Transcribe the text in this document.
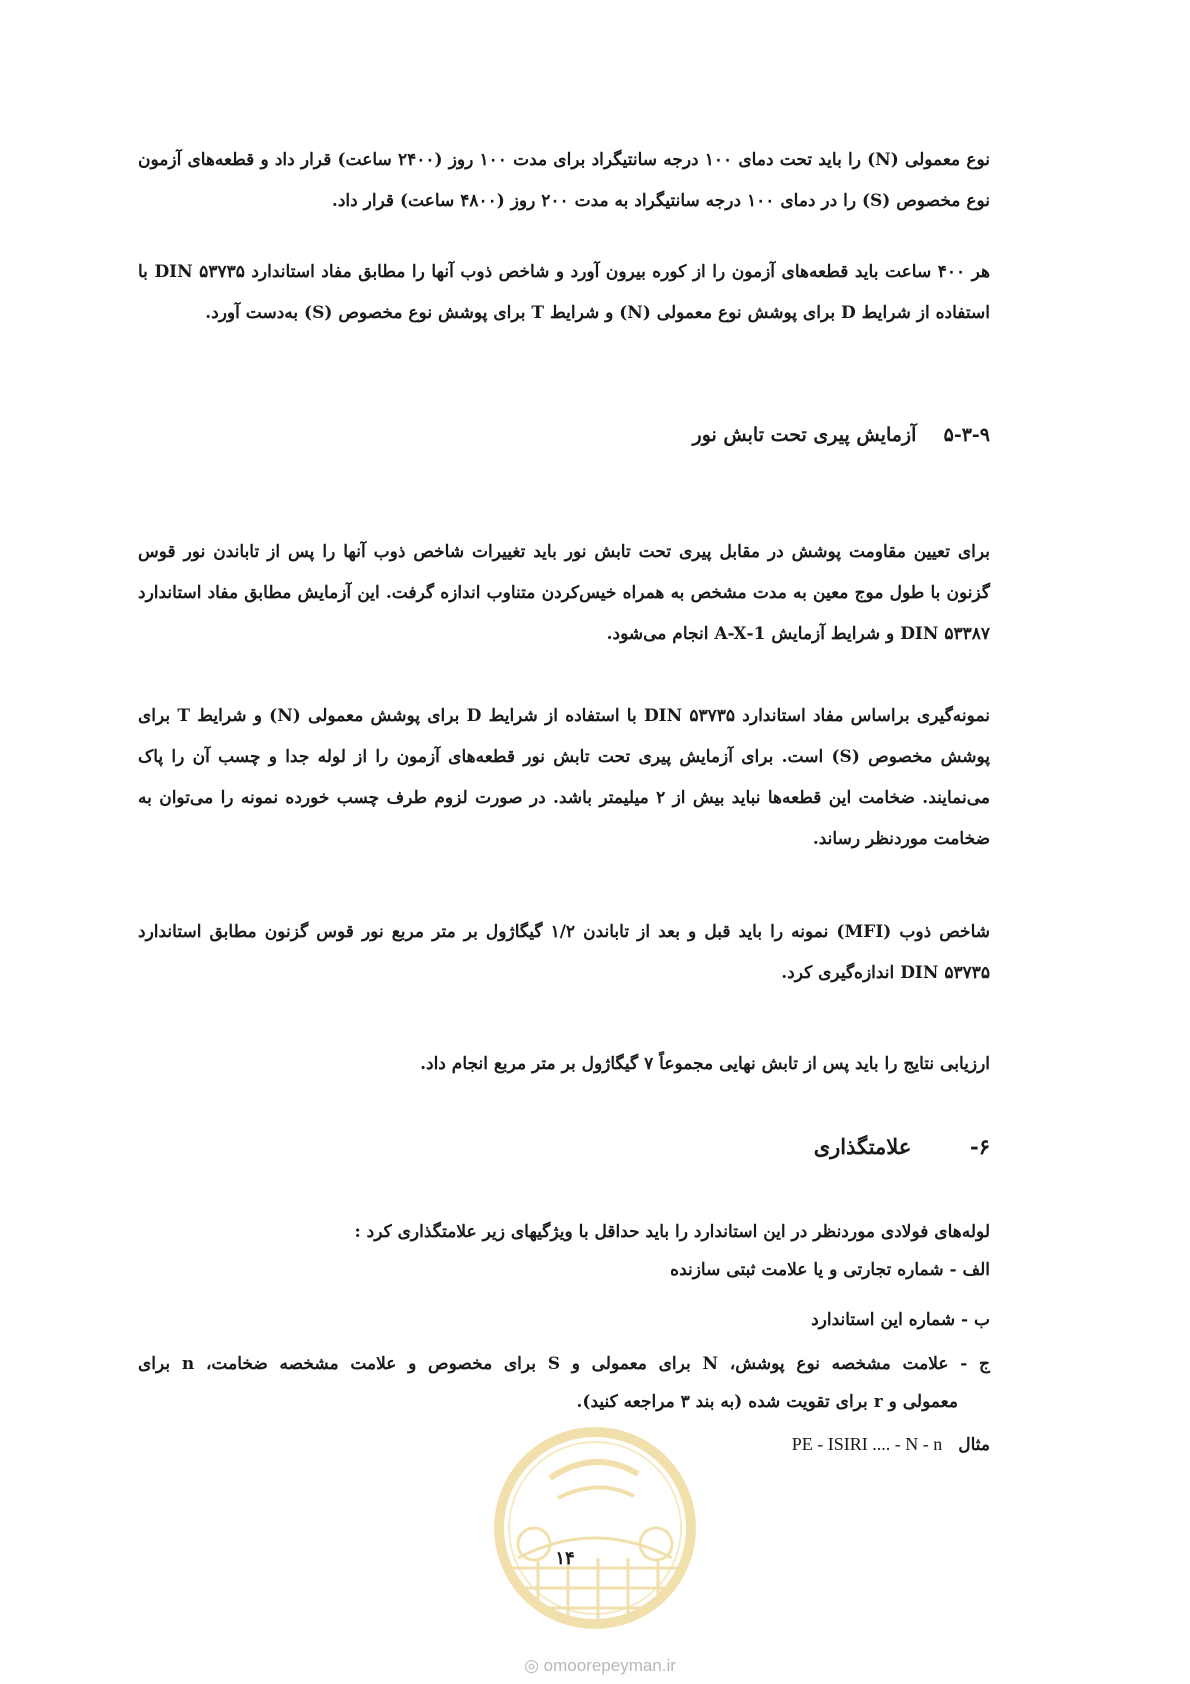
نوع معمولی (N) را باید تحت دمای ۱۰۰ درجه سانتیگراد برای مدت ۱۰۰ روز (۲۴۰۰ ساعت) قرار داد و قطعه‌های آزمون نوع مخصوص (S) را در دمای ۱۰۰ درجه سانتیگراد به مدت ۲۰۰ روز (۴۸۰۰ ساعت) قرار داد.

هر ۴۰۰ ساعت باید قطعه‌های آزمون را از کوره بیرون آورد و شاخص ذوب آنها را مطابق مفاد استاندارد DIN ۵۳۷۳۵ با استفاده از شرایط D برای پوشش نوع معمولی (N) و شرایط T برای پوشش نوع مخصوص (S) به‌دست آورد.

۵-۳-۹  آزمایش پیری تحت تابش نور

برای تعیین مقاومت پوشش در مقابل پیری تحت تابش نور باید تغییرات شاخص ذوب آنها را پس از تاباندن نور قوس گزنون با طول موج معین به مدت مشخص به همراه خیس‌کردن متناوب اندازه گرفت. این آزمایش مطابق مفاد استاندارد DIN ۵۳۳۸۷ و شرایط آزمایش 1-A-X انجام می‌شود.

نمونه‌گیری براساس مفاد استاندارد DIN ۵۳۷۳۵ با استفاده از شرایط D برای پوشش معمولی (N) و شرایط T برای پوشش مخصوص (S) است. برای آزمایش پیری تحت تابش نور قطعه‌های آزمون را از لوله جدا و چسب آن را پاک می‌نمایند. ضخامت این قطعه‌ها نباید بیش از ۲ میلیمتر باشد. در صورت لزوم طرف چسب خورده نمونه را می‌توان به ضخامت موردنظر رساند.

شاخص ذوب (MFI) نمونه را باید قبل و بعد از تاباندن ۱/۲ گیگاژول بر متر مربع نور قوس گزنون مطابق استاندارد DIN ۵۳۷۳۵ اندازه‌گیری کرد.

ارزیابی نتایج را باید پس از تابش نهایی مجموعاً ۷ گیگاژول بر متر مربع انجام داد.

۶-  علامتگذاری
لوله‌های فولادی موردنظر در این استاندارد را باید حداقل با ویژگیهای زیر علامتگذاری کرد :
الف - شماره تجارتی و یا علامت ثبتی سازنده
ب - شماره این استاندارد
ج - علامت مشخصه نوع پوشش، N برای معمولی و S برای مخصوص و علامت مشخصه ضخامت، n برای
معمولی و r برای تقویت شده (به بند ۳ مراجعه کنید).
مثال PE - ISIRI .... - N - n
۱۴
◎ omoorepeyman.ir
